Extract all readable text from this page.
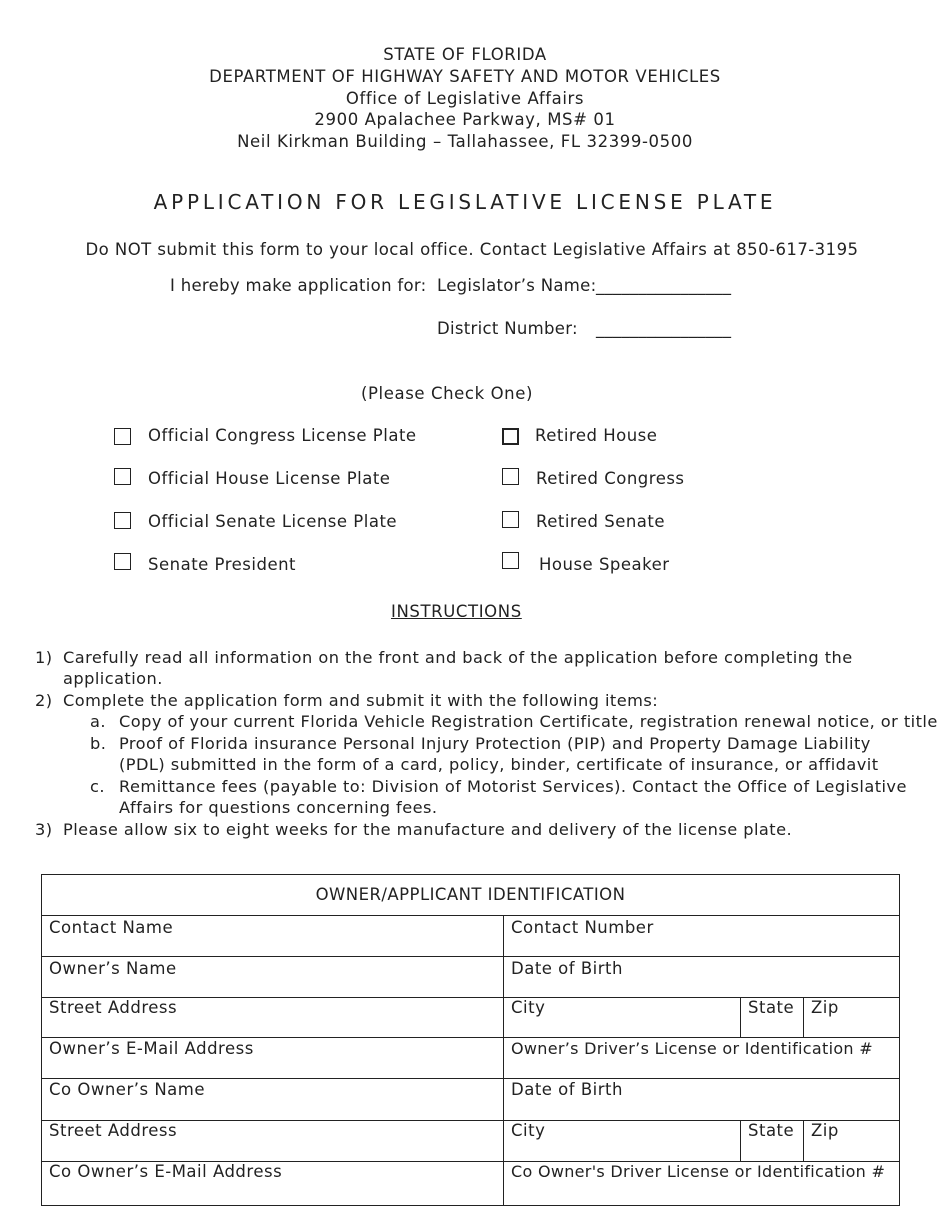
STATE OF FLORIDA
DEPARTMENT OF HIGHWAY SAFETY AND MOTOR VEHICLES
Office of Legislative Affairs
2900 Apalachee Parkway, MS# 01
Neil Kirkman Building – Tallahassee, FL 32399-0500
APPLICATION FOR LEGISLATIVE LICENSE PLATE
Do NOT submit this form to your local office. Contact Legislative Affairs at 850-617-3195
I hereby make application for: Legislator’s Name: ________________
District Number: ________________
(Please Check One)
Official Congress License Plate
Official House License Plate
Official Senate License Plate
Senate President
Retired House
Retired Congress
Retired Senate
House Speaker
INSTRUCTIONS
1) Carefully read all information on the front and back of the application before completing the
application.
2) Complete the application form and submit it with the following items:
a. Copy of your current Florida Vehicle Registration Certificate, registration renewal notice, or title
b. Proof of Florida insurance Personal Injury Protection (PIP) and Property Damage Liability
(PDL) submitted in the form of a card, policy, binder, certificate of insurance, or affidavit
c. Remittance fees (payable to: Division of Motorist Services). Contact the Office of Legislative
Affairs for questions concerning fees.
3) Please allow six to eight weeks for the manufacture and delivery of the license plate.
OWNER/APPLICANT IDENTIFICATION
Contact Name	Contact Number
Owner’s Name	Date of Birth
Street Address	City	State Zip
Owner’s E-Mail Address	Owner’s Driver’s License or Identification #
Co Owner’s Name	Date of Birth
Street Address	City	State Zip
Co Owner’s E-Mail Address	Co Owner's Driver License or Identification #
